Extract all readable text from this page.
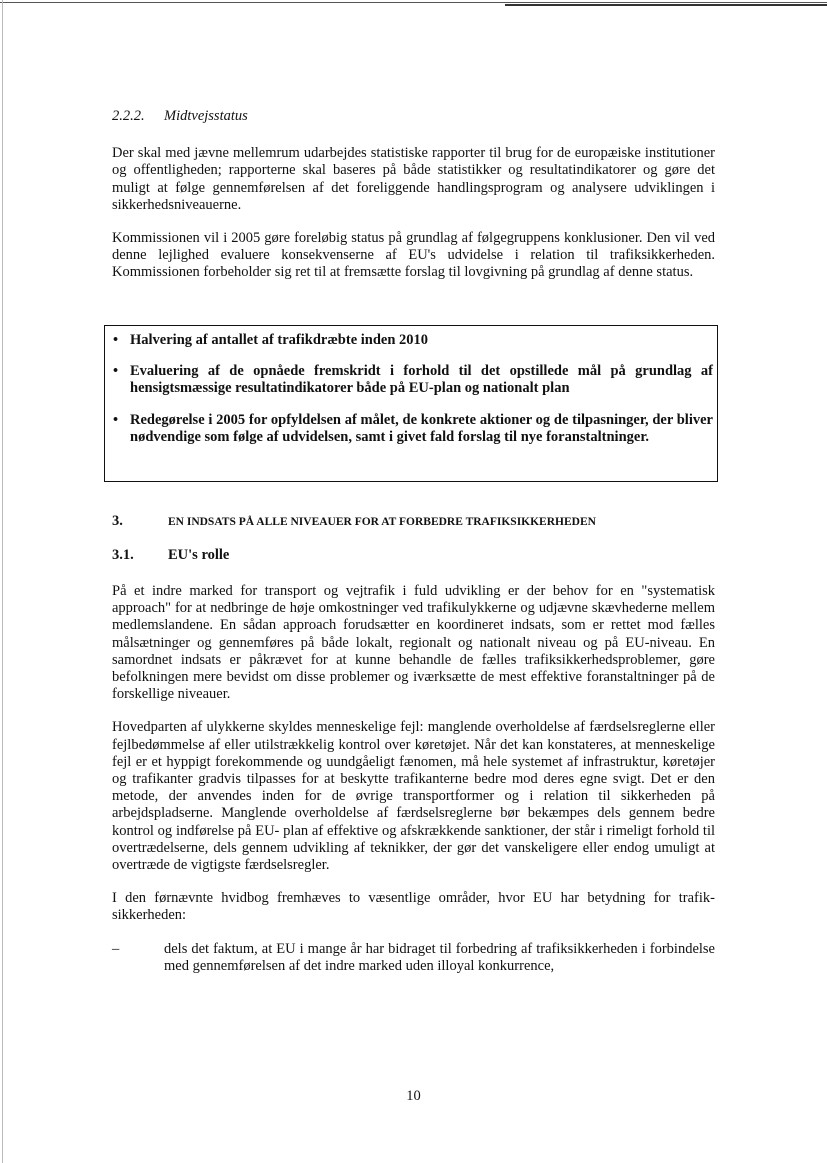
2.2.2. Midtvejsstatus

Der skal med jævne mellemrum udarbejdes statistiske rapporter til brug for de europæiske institutioner og offentligheden; rapporterne skal baseres på både statistikker og resultatindikatorer og gøre det muligt at følge gennemførelsen af det foreliggende handlingsprogram og analysere udviklingen i sikkerhedsniveauerne.

Kommissionen vil i 2005 gøre foreløbig status på grundlag af følgegruppens konklusioner. Den vil ved denne lejlighed evaluere konsekvenserne af EU's udvidelse i relation til trafiksikkerheden. Kommissionen forbeholder sig ret til at fremsætte forslag til lovgivning på grundlag af denne status.

• Halvering af antallet af trafikdræbte inden 2010
• Evaluering af de opnåede fremskridt i forhold til det opstillede mål på grundlag af hensigtsmæssige resultatindikatorer både på EU-plan og nationalt plan
• Redegørelse i 2005 for opfyldelsen af målet, de konkrete aktioner og de tilpasninger, der bliver nødvendige som følge af udvidelsen, samt i givet fald forslag til nye foranstaltninger.
3.	EN INDSATS PÅ ALLE NIVEAUER FOR AT FORBEDRE TRAFIKSIKKERHEDEN
3.1. EU's rolle

På et indre marked for transport og vejtrafik i fuld udvikling er der behov for en "systematisk approach" for at nedbringe de høje omkostninger ved trafikulykkerne og udjævne skævhederne mellem medlemslandene. En sådan approach forudsætter en koordineret indsats, som er rettet mod fælles målsætninger og gennemføres på både lokalt, regionalt og nationalt niveau og på EU-niveau. En samordnet indsats er påkrævet for at kunne behandle de fælles trafiksikkerhedsproblemer, gøre befolkningen mere bevidst om disse problemer og iværksætte de mest effektive foranstaltninger på de forskellige niveauer.

Hovedparten af ulykkerne skyldes menneskelige fejl: manglende overholdelse af færdselsreglerne eller fejlbedømmelse af eller utilstrækkelig kontrol over køretøjet. Når det kan konstateres, at menneskelige fejl er et hyppigt forekommende og uundgåeligt fænomen, må hele systemet af infrastruktur, køretøjer og trafikanter gradvis tilpasses for at beskytte trafikanterne bedre mod deres egne svigt. Det er den metode, der anvendes inden for de øvrige transportformer og i relation til sikkerheden på arbejdspladserne. Manglende overholdelse af færdselsreglerne bør bekæmpes dels gennem bedre kontrol og indførelse på EU- plan af effektive og afskrækkende sanktioner, der står i rimeligt forhold til overtrædelserne, dels gennem udvikling af teknikker, der gør det vanskeligere eller endog umuligt at overtræde de vigtigste færdselsregler.

I den førnævnte hvidbog fremhæves to væsentlige områder, hvor EU har betydning for trafiksikkerheden:

–	dels det faktum, at EU i mange år har bidraget til forbedring af trafiksikkerheden i forbindelse med gennemførelsen af det indre marked uden illoyal konkurrence,

10
